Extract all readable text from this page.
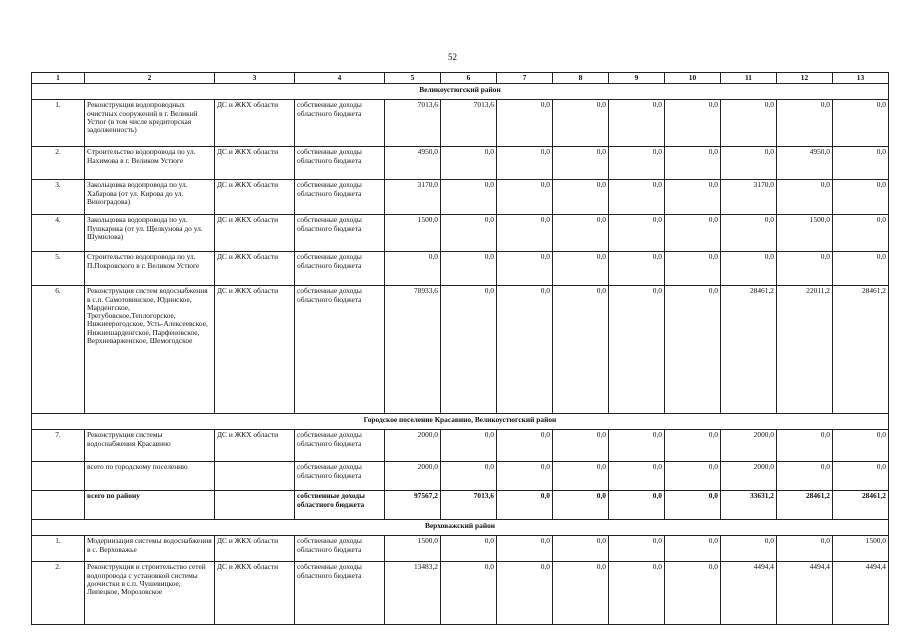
52
1	2	3	4	5	6	7	8	9	10	11	12	13
Великоустюгский район												
1.	Реконструкция водопроводных очистных сооружений в г. Великий Устюг (в том числе кредиторская задолженность)	ДС и ЖКХ области	собственные доходы областного бюджета	7013,6	7013,6	0,0	0,0	0,0	0,0	0,0	0,0	0,0
2.	Строительство водопровода по ул. Нахимова в г. Великом Устюге	ДС и ЖКХ области	собственные доходы областного бюджета	4950,0	0,0	0,0	0,0	0,0	0,0	0,0	4950,0	0,0
3.	Закольцовка водопровода по ул. Хабарова (от ул. Кирова до ул. Виноградова)	ДС и ЖКХ области	собственные доходы областного бюджета	3170,0	0,0	0,0	0,0	0,0	0,0	3170,0	0,0	0,0
4.	Закольцовка водопровода по ул. Пушкарика (от ул. Щелкунова до ул. Шумилова)	ДС и ЖКХ области	собственные доходы областного бюджета	1500,0	0,0	0,0	0,0	0,0	0,0	0,0	1500,0	0,0
5.	Строительство водопровода по ул. П.Покровского в г. Великом Устюге	ДС и ЖКХ области	собственные доходы областного бюджета	0,0	0,0	0,0	0,0	0,0	0,0	0,0	0,0	0,0
6.	Реконструкция систем водоснабжения в с.п. Самотовинское, Юдинское, Марденгское, Трегубовское,Теплогорское, Нижнеерогодское, Усть-Алексеевское, Нижнешарденгское, Парфеновское, Верхневарженское, Шемогодское	ДС и ЖКХ области	собственные доходы областного бюджета	78933,6	0,0	0,0	0,0	0,0	0,0	28461,2	22011,2	28461,2
Городское поселение Красавино, Великоустюгский район												
7.	Реконструкция системы водоснабжения Красавино	ДС и ЖКХ области	собственные доходы областного бюджета	2000,0	0,0	0,0	0,0	0,0	0,0	2000,0	0,0	0,0
	всего по городскому поселению		собственные доходы областного бюджета	2000,0	0,0	0,0	0,0	0,0	0,0	2000,0	0,0	0,0
	всего по району		собственные доходы областного бюджета	97567,2	7013,6	0,0	0,0	0,0	0,0	33631,2	28461,2	28461,2
Верховажский район												
1.	Модернизация системы водоснабжения в с. Верховажье	ДС и ЖКХ области	собственные доходы областного бюджета	1500,0	0,0	0,0	0,0	0,0	0,0	0,0	0,0	1500,0
2.	Реконструкция и строительство сетей водопровода с установкой системы доочистки в с.п. Чушевицкое, Липецкое, Морозовское	ДС и ЖКХ области	собственные доходы областного бюджета	13483,2	0,0	0,0	0,0	0,0	0,0	4494,4	4494,4	4494,4
